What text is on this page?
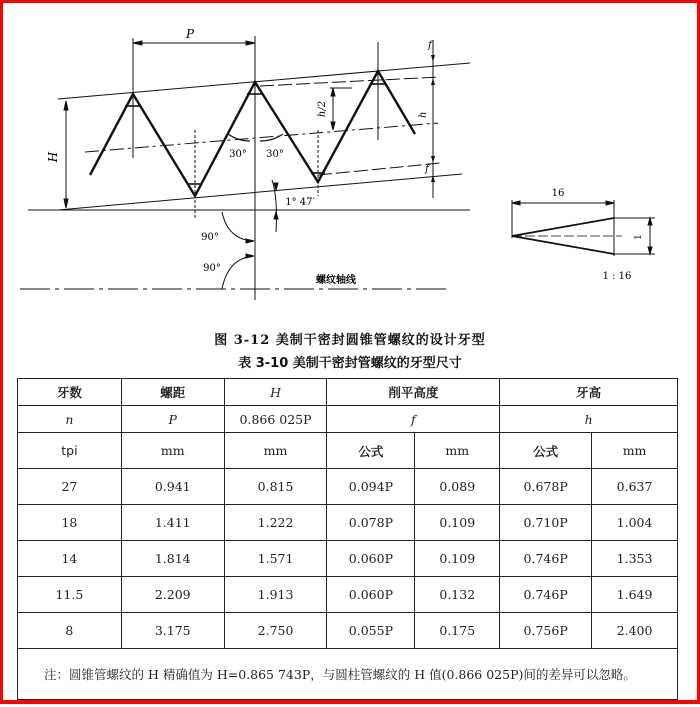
P
H
h/2
f
h
f
30° 30°
1° 47′
90°
90°
螺纹轴线
16
1
1 : 16
图 3-12 美制干密封圆锥管螺纹的设计牙型
表 3-10 美制干密封管螺纹的牙型尺寸
牙数	螺距	H	削平高度		牙高	
n	P	0.866 025P	f		h	
tpi	mm	mm	公式	mm	公式	mm
27	0.941	0.815	0.094P	0.089	0.678P	0.637
18	1.411	1.222	0.078P	0.109	0.710P	1.004
14	1.814	1.571	0.060P	0.109	0.746P	1.353
11.5	2.209	1.913	0.060P	0.132	0.746P	1.649
8	3.175	2.750	0.055P	0.175	0.756P	2.400
注：圆锥管螺纹的 H 精确值为 H=0.865 743P，与圆柱管螺纹的 H 值(0.866 025P)间的差异可以忽略。						
